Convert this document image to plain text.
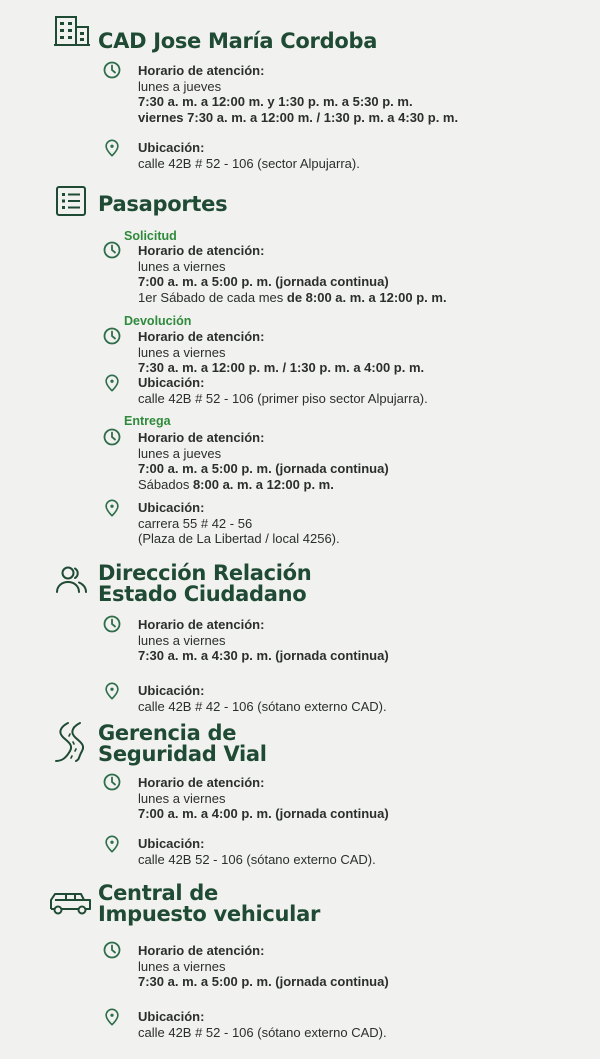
CAD Jose María Cordoba
Horario de atención:
lunes a jueves
7:30 a. m. a 12:00 m. y 1:30 p. m. a 5:30 p. m.
viernes 7:30 a. m. a 12:00 m. / 1:30 p. m. a 4:30 p. m.
Ubicación:
calle 42B # 52 - 106 (sector Alpujarra).
Pasaportes
Solicitud
Horario de atención:
lunes a viernes
7:00 a. m. a 5:00 p. m. (jornada continua)
1er Sábado de cada mes de 8:00 a. m. a 12:00 p. m.
Devolución
Horario de atención:
lunes a viernes
7:30 a. m. a 12:00 p. m. / 1:30 p. m. a 4:00 p. m.
Ubicación:
calle 42B # 52 - 106 (primer piso sector Alpujarra).
Entrega
Horario de atención:
lunes a jueves
7:00 a. m. a 5:00 p. m. (jornada continua)
Sábados 8:00 a. m. a 12:00 p. m.
Ubicación:
carrera 55 # 42 - 56
(Plaza de La Libertad / local 4256).
Dirección Relación
Estado Ciudadano
Horario de atención:
lunes a viernes
7:30 a. m. a 4:30 p. m. (jornada continua)
Ubicación:
calle 42B # 42 - 106 (sótano externo CAD).
Gerencia de
Seguridad Vial
Horario de atención:
lunes a viernes
7:00 a. m. a 4:00 p. m. (jornada continua)
Ubicación:
calle 42B 52 - 106 (sótano externo CAD).
Central de
Impuesto vehicular
Horario de atención:
lunes a viernes
7:30 a. m. a 5:00 p. m. (jornada continua)
Ubicación:
calle 42B # 52 - 106 (sótano externo CAD).
